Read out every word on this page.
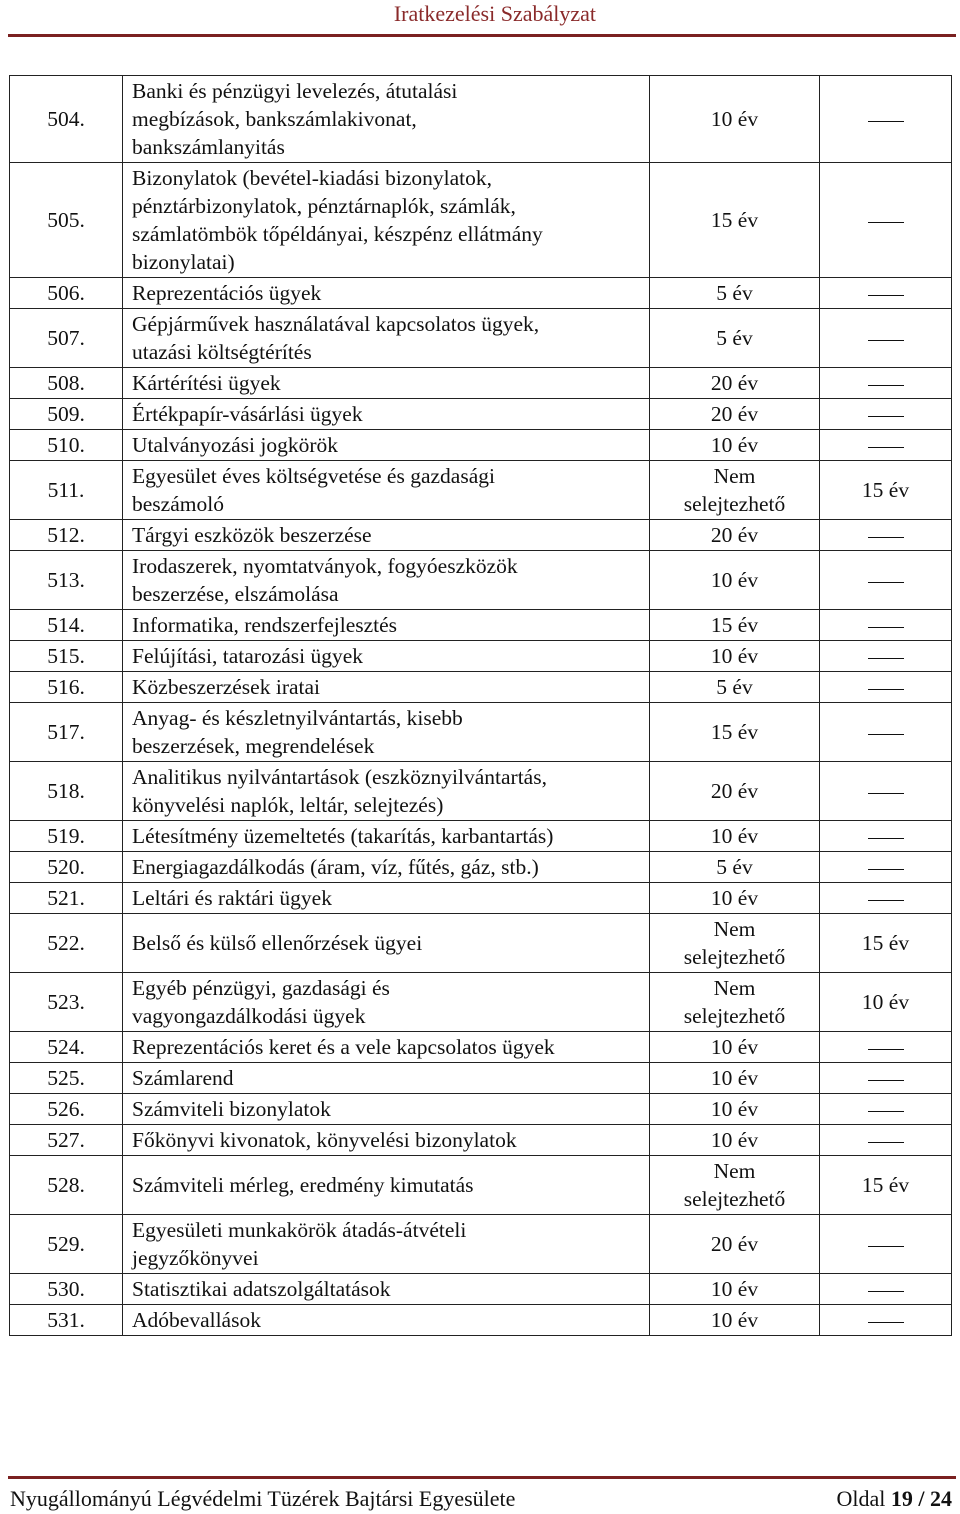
Iratkezelési Szabályzat
504.	Banki és pénzügyi levelezés, átutalási
megbízások, bankszámlakivonat,
bankszámlanyitás	10 év	
505.	Bizonylatok (bevétel-kiadási bizonylatok,
pénztárbizonylatok, pénztárnaplók, számlák,
számlatömbök tőpéldányai, készpénz ellátmány
bizonylatai)	15 év	
506.	Reprezentációs ügyek	5 év	
507.	Gépjárművek használatával kapcsolatos ügyek,
utazási költségtérítés	5 év	
508.	Kártérítési ügyek	20 év	
509.	Értékpapír-vásárlási ügyek	20 év	
510.	Utalványozási jogkörök	10 év	
511.	Egyesület éves költségvetése és gazdasági
beszámoló	Nem selejtezhető	15 év
512.	Tárgyi eszközök beszerzése	20 év	
513.	Irodaszerek, nyomtatványok, fogyóeszközök
beszerzése, elszámolása	10 év	
514.	Informatika, rendszerfejlesztés	15 év	
515.	Felújítási, tatarozási ügyek	10 év	
516.	Közbeszerzések iratai	5 év	
517.	Anyag- és készletnyilvántartás, kisebb
beszerzések, megrendelések	15 év	
518.	Analitikus nyilvántartások (eszköznyilvántartás,
könyvelési naplók, leltár, selejtezés)	20 év	
519.	Létesítmény üzemeltetés (takarítás, karbantartás)	10 év	
520.	Energiagazdálkodás (áram, víz, fűtés, gáz, stb.)	5 év	
521.	Leltári és raktári ügyek	10 év	
522.	Belső és külső ellenőrzések ügyei	Nem selejtezhető	15 év
523.	Egyéb pénzügyi, gazdasági és
vagyongazdálkodási ügyek	Nem selejtezhető	10 év
524.	Reprezentációs keret és a vele kapcsolatos ügyek	10 év	
525.	Számlarend	10 év	
526.	Számviteli bizonylatok	10 év	
527.	Főkönyvi kivonatok, könyvelési bizonylatok	10 év	
528.	Számviteli mérleg, eredmény kimutatás	Nem selejtezhető	15 év
529.	Egyesületi munkakörök átadás-átvételi
jegyzőkönyvei	20 év	
530.	Statisztikai adatszolgáltatások	10 év	
531.	Adóbevallások	10 év	
Nyugállományú Légvédelmi Tüzérek Bajtársi Egyesülete	Oldal 19 / 24
